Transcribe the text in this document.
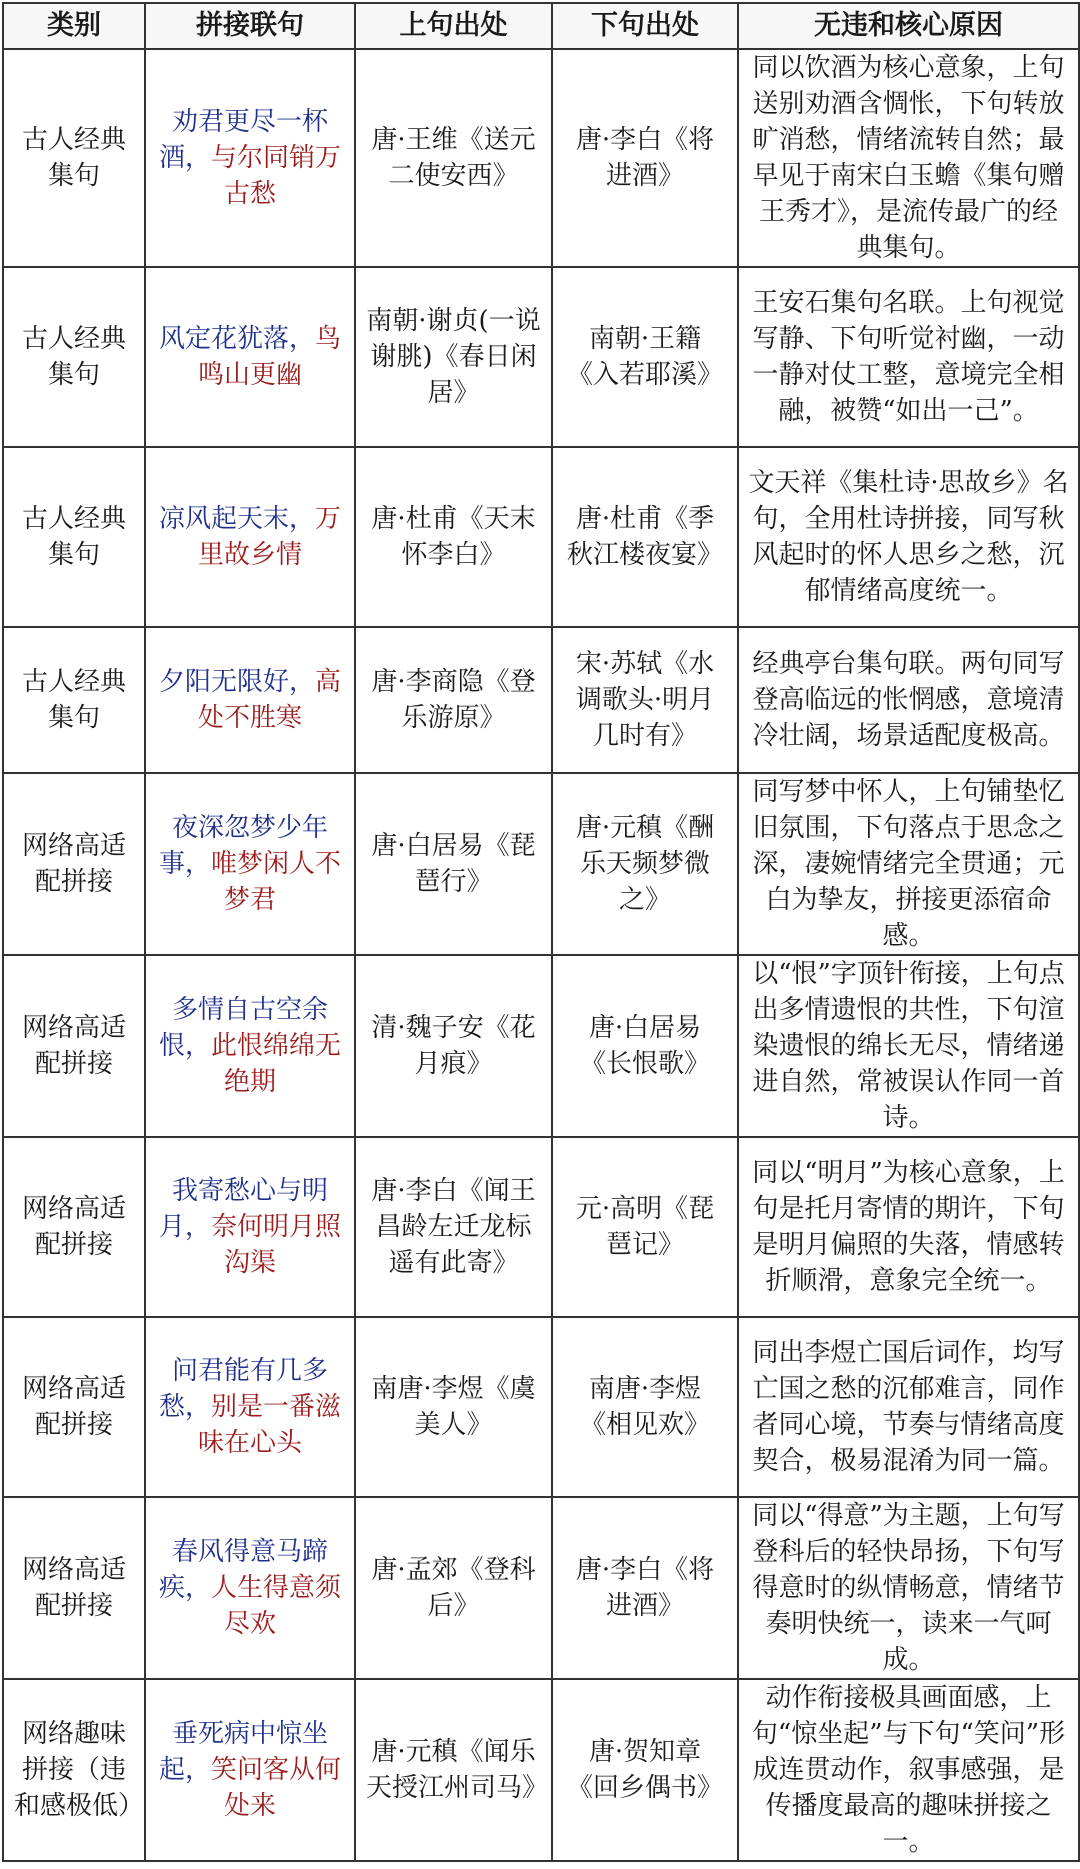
类别	拼接联句	上句出处	下句出处	无违和核心原因
古人经典集句	劝君更尽一杯酒，与尔同销万古愁	唐·王维《送元二使安西》	唐·李白《将进酒》	同以饮酒为核心意象，上句送别劝酒含惆怅，下句转放旷消愁，情绪流转自然；最早见于南宋白玉蟾《集句赠王秀才》，是流传最广的经典集句。
古人经典集句	风定花犹落，鸟鸣山更幽	南朝·谢贞(一说谢朓)《春日闲居》	南朝·王籍《入若耶溪》	王安石集句名联。上句视觉写静、下句听觉衬幽，一动一静对仗工整，意境完全相融，被赞“如出一己”。
古人经典集句	凉风起天末，万里故乡情	唐·杜甫《天末怀李白》	唐·杜甫《季秋江楼夜宴》	文天祥《集杜诗·思故乡》名句，全用杜诗拼接，同写秋风起时的怀人思乡之愁，沉郁情绪高度统一。
古人经典集句	夕阳无限好，高处不胜寒	唐·李商隐《登乐游原》	宋·苏轼《水调歌头·明月几时有》	经典亭台集句联。两句同写登高临远的怅惘感，意境清冷壮阔，场景适配度极高。
网络高适配拼接	夜深忽梦少年事，唯梦闲人不梦君	唐·白居易《琵琶行》	唐·元稹《酬乐天频梦微之》	同写梦中怀人，上句铺垫忆旧氛围，下句落点于思念之深，凄婉情绪完全贯通；元白为挚友，拼接更添宿命感。
网络高适配拼接	多情自古空余恨，此恨绵绵无绝期	清·魏子安《花月痕》	唐·白居易《长恨歌》	以“恨”字顶针衔接，上句点出多情遗恨的共性，下句渲染遗恨的绵长无尽，情绪递进自然，常被误认作同一首诗。
网络高适配拼接	我寄愁心与明月，奈何明月照沟渠	唐·李白《闻王昌龄左迁龙标遥有此寄》	元·高明《琵琶记》	同以“明月”为核心意象，上句是托月寄情的期许，下句是明月偏照的失落，情感转折顺滑，意象完全统一。
网络高适配拼接	问君能有几多愁，别是一番滋味在心头	南唐·李煜《虞美人》	南唐·李煜《相见欢》	同出李煜亡国后词作，均写亡国之愁的沉郁难言，同作者同心境，节奏与情绪高度契合，极易混淆为同一篇。
网络高适配拼接	春风得意马蹄疾，人生得意须尽欢	唐·孟郊《登科后》	唐·李白《将进酒》	同以“得意”为主题，上句写登科后的轻快昂扬，下句写得意时的纵情畅意，情绪节奏明快统一，读来一气呵成。
网络趣味拼接（违和感极低）	垂死病中惊坐起，笑问客从何处来	唐·元稹《闻乐天授江州司马》	唐·贺知章《回乡偶书》	动作衔接极具画面感，上句“惊坐起”与下句“笑问”形成连贯动作，叙事感强，是传播度最高的趣味拼接之一。
